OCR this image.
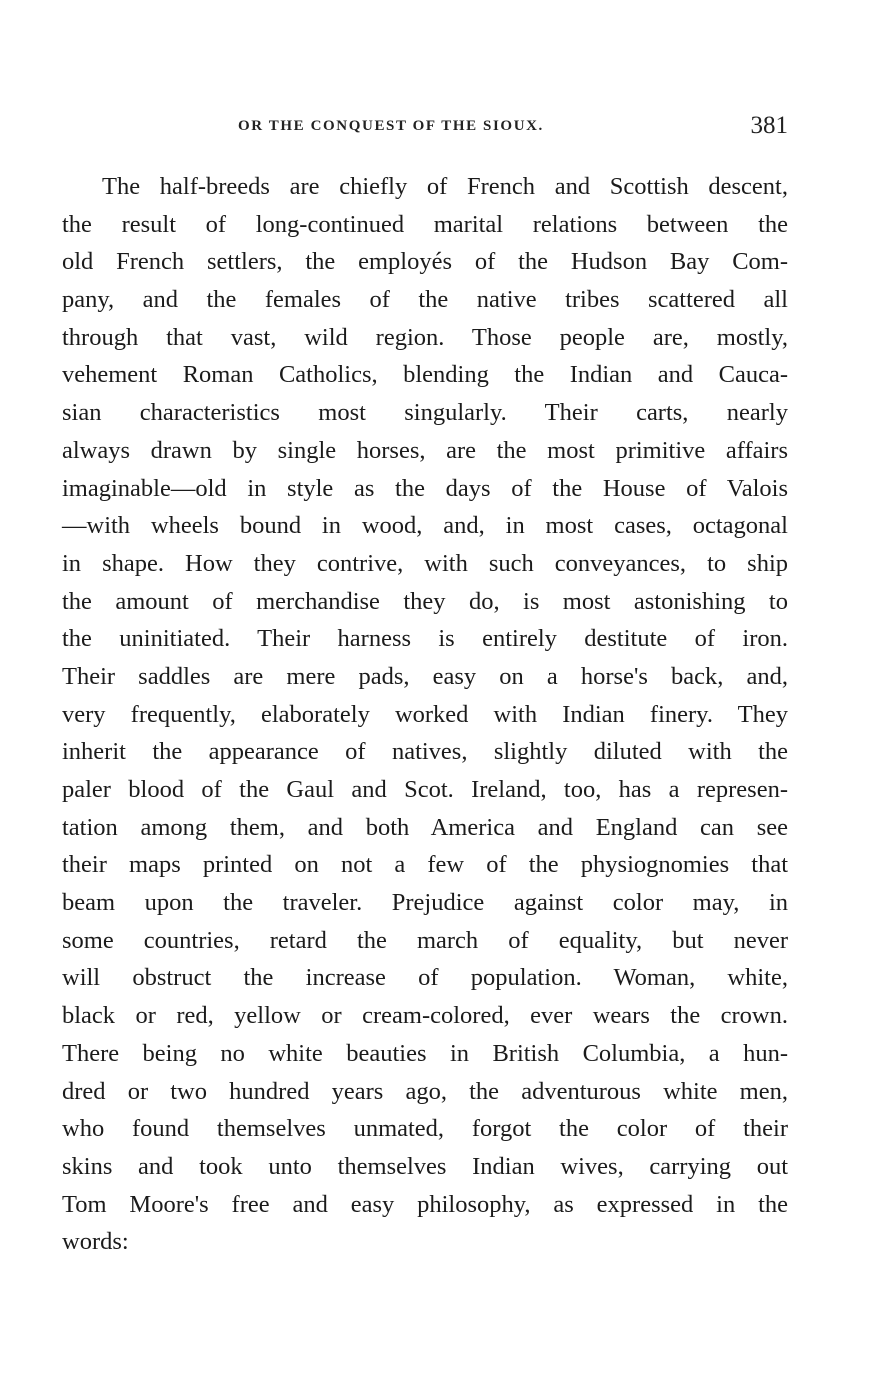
OR THE CONQUEST OF THE SIOUX.	381
The half-breeds are chiefly of French and Scottish descent,
the result of long-continued marital relations between the
old French settlers, the employés of the Hudson Bay Com-
pany, and the females of the native tribes scattered all
through that vast, wild region. Those people are, mostly,
vehement Roman Catholics, blending the Indian and Cauca-
sian characteristics most singularly. Their carts, nearly
always drawn by single horses, are the most primitive affairs
imaginable—old in style as the days of the House of Valois
—with wheels bound in wood, and, in most cases, octagonal
in shape. How they contrive, with such conveyances, to ship
the amount of merchandise they do, is most astonishing to
the uninitiated. Their harness is entirely destitute of iron.
Their saddles are mere pads, easy on a horse's back, and,
very frequently, elaborately worked with Indian finery. They
inherit the appearance of natives, slightly diluted with the
paler blood of the Gaul and Scot. Ireland, too, has a represen-
tation among them, and both America and England can see
their maps printed on not a few of the physiognomies that
beam upon the traveler. Prejudice against color may, in
some countries, retard the march of equality, but never
will obstruct the increase of population. Woman, white,
black or red, yellow or cream-colored, ever wears the crown.
There being no white beauties in British Columbia, a hun-
dred or two hundred years ago, the adventurous white men,
who found themselves unmated, forgot the color of their
skins and took unto themselves Indian wives, carrying out
Tom Moore's free and easy philosophy, as expressed in the
words:
